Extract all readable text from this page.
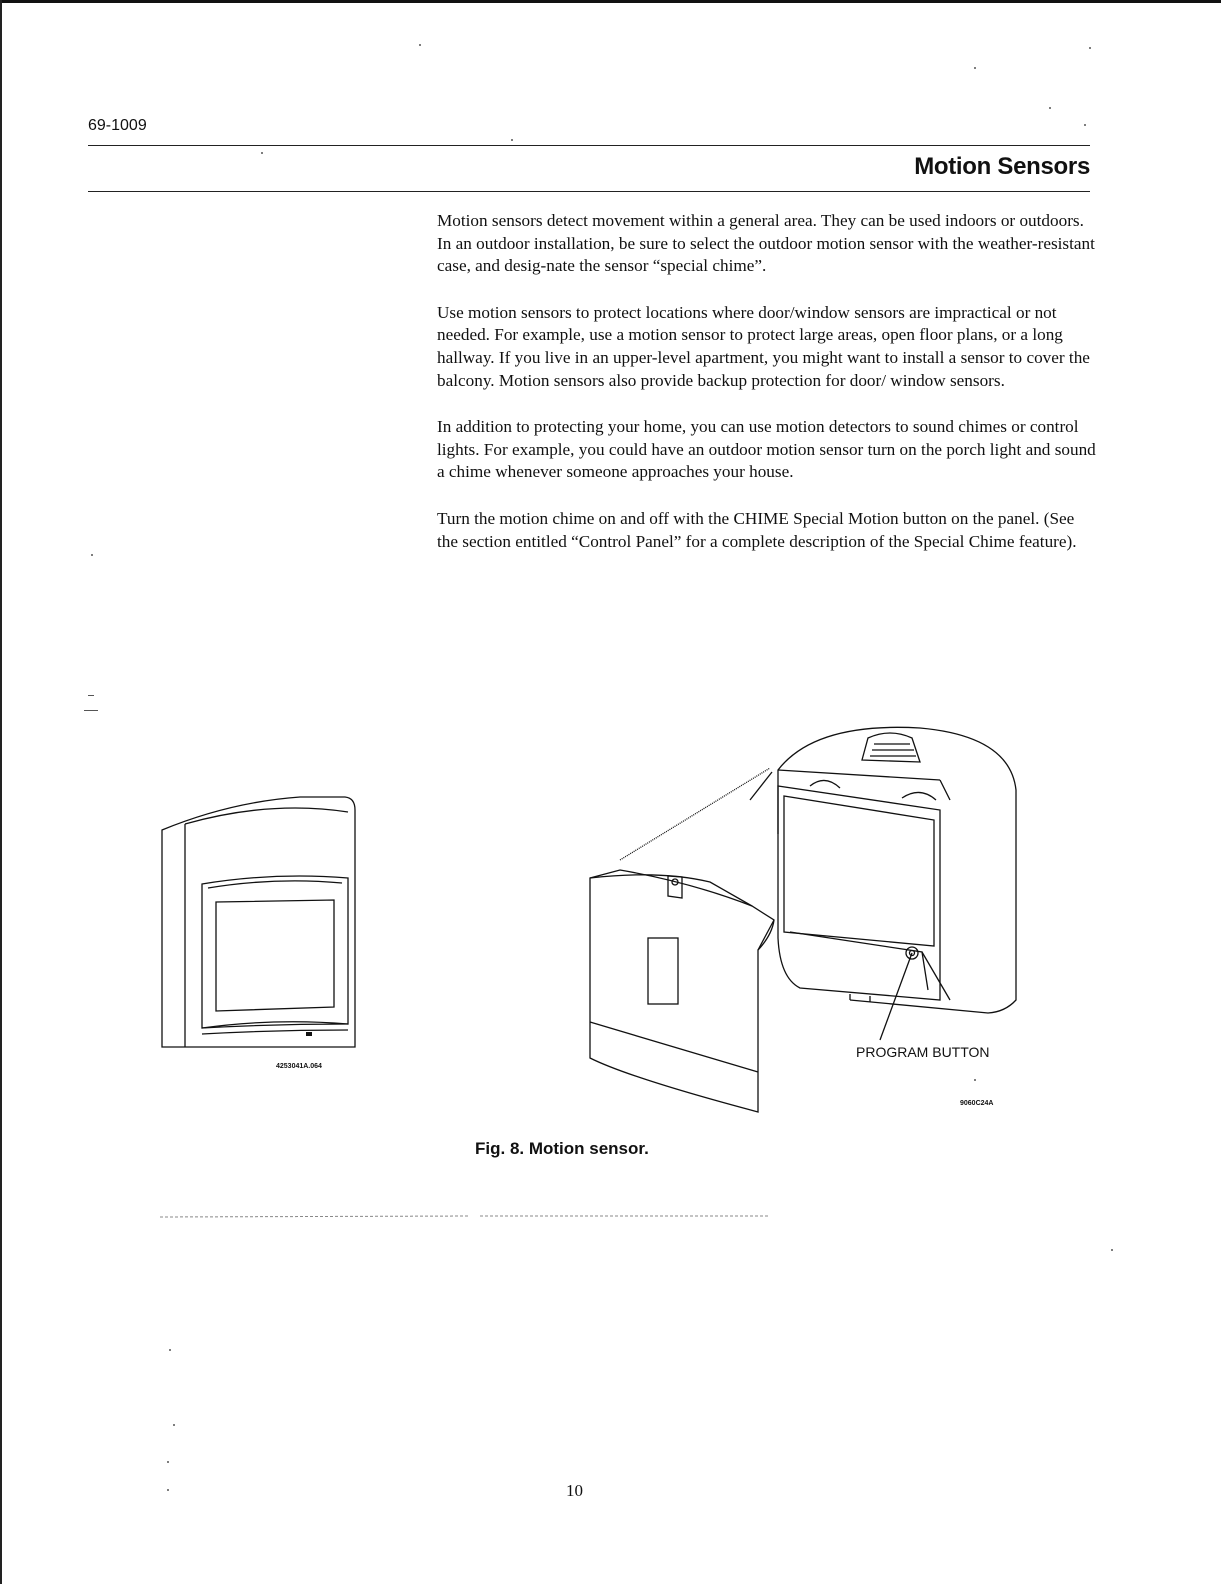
69-1009
Motion Sensors

Motion sensors detect movement within a general area. They can be used indoors or outdoors. In an outdoor installation, be sure to select the outdoor motion sensor with the weather-resistant case, and desig-nate the sensor “special chime”.

Use motion sensors to protect locations where door/window sensors are impractical or not needed. For example, use a motion sensor to protect large areas, open floor plans, or a long hallway. If you live in an upper-level apartment, you might want to install a sensor to cover the balcony. Motion sensors also provide backup protection for door/ window sensors.

In addition to protecting your home, you can use motion detectors to sound chimes or control lights. For example, you could have an outdoor motion sensor turn on the porch light and sound a chime whenever someone approaches your house.

Turn the motion chime on and off with the CHIME Special Motion button on the panel. (See the section entitled “Control Panel” for a complete description of the Special Chime feature).

PROGRAM BUTTON
4253041A.064
9060C24A
Fig. 8. Motion sensor.
10
